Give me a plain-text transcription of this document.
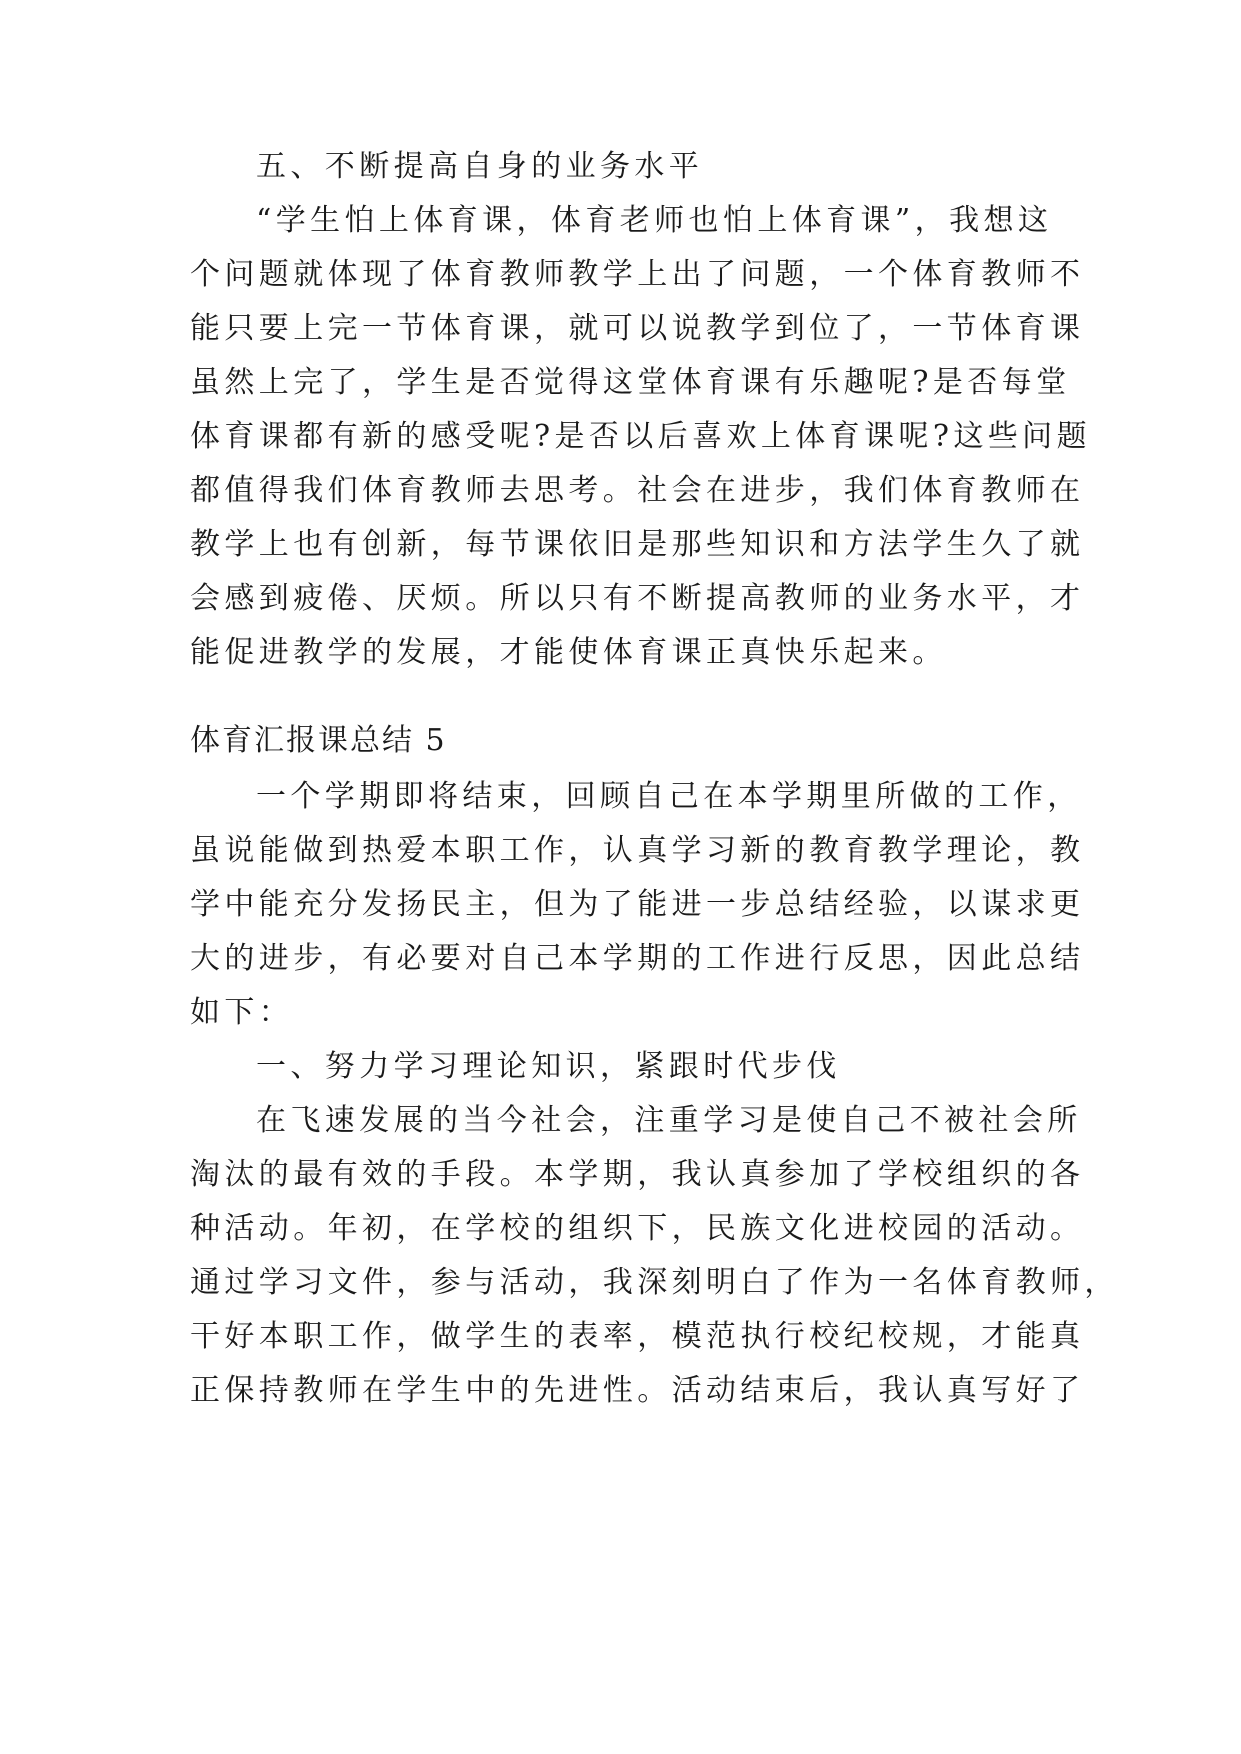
五、不断提高自身的业务水平
“学生怕上体育课，体育老师也怕上体育课”，我想这
个问题就体现了体育教师教学上出了问题，一个体育教师不
能只要上完一节体育课，就可以说教学到位了，一节体育课
虽然上完了，学生是否觉得这堂体育课有乐趣呢?是否每堂
体育课都有新的感受呢?是否以后喜欢上体育课呢?这些问题
都值得我们体育教师去思考。社会在进步，我们体育教师在
教学上也有创新，每节课依旧是那些知识和方法学生久了就
会感到疲倦、厌烦。所以只有不断提高教师的业务水平，才
能促进教学的发展，才能使体育课正真快乐起来。
体育汇报课总结 5
一个学期即将结束，回顾自己在本学期里所做的工作，
虽说能做到热爱本职工作，认真学习新的教育教学理论，教
学中能充分发扬民主，但为了能进一步总结经验，以谋求更
大的进步，有必要对自己本学期的工作进行反思，因此总结
如下：
一、努力学习理论知识，紧跟时代步伐
在飞速发展的当今社会，注重学习是使自己不被社会所
淘汰的最有效的手段。本学期，我认真参加了学校组织的各
种活动。年初，在学校的组织下，民族文化进校园的活动。
通过学习文件，参与活动，我深刻明白了作为一名体育教师，
干好本职工作，做学生的表率，模范执行校纪校规，才能真
正保持教师在学生中的先进性。活动结束后，我认真写好了
